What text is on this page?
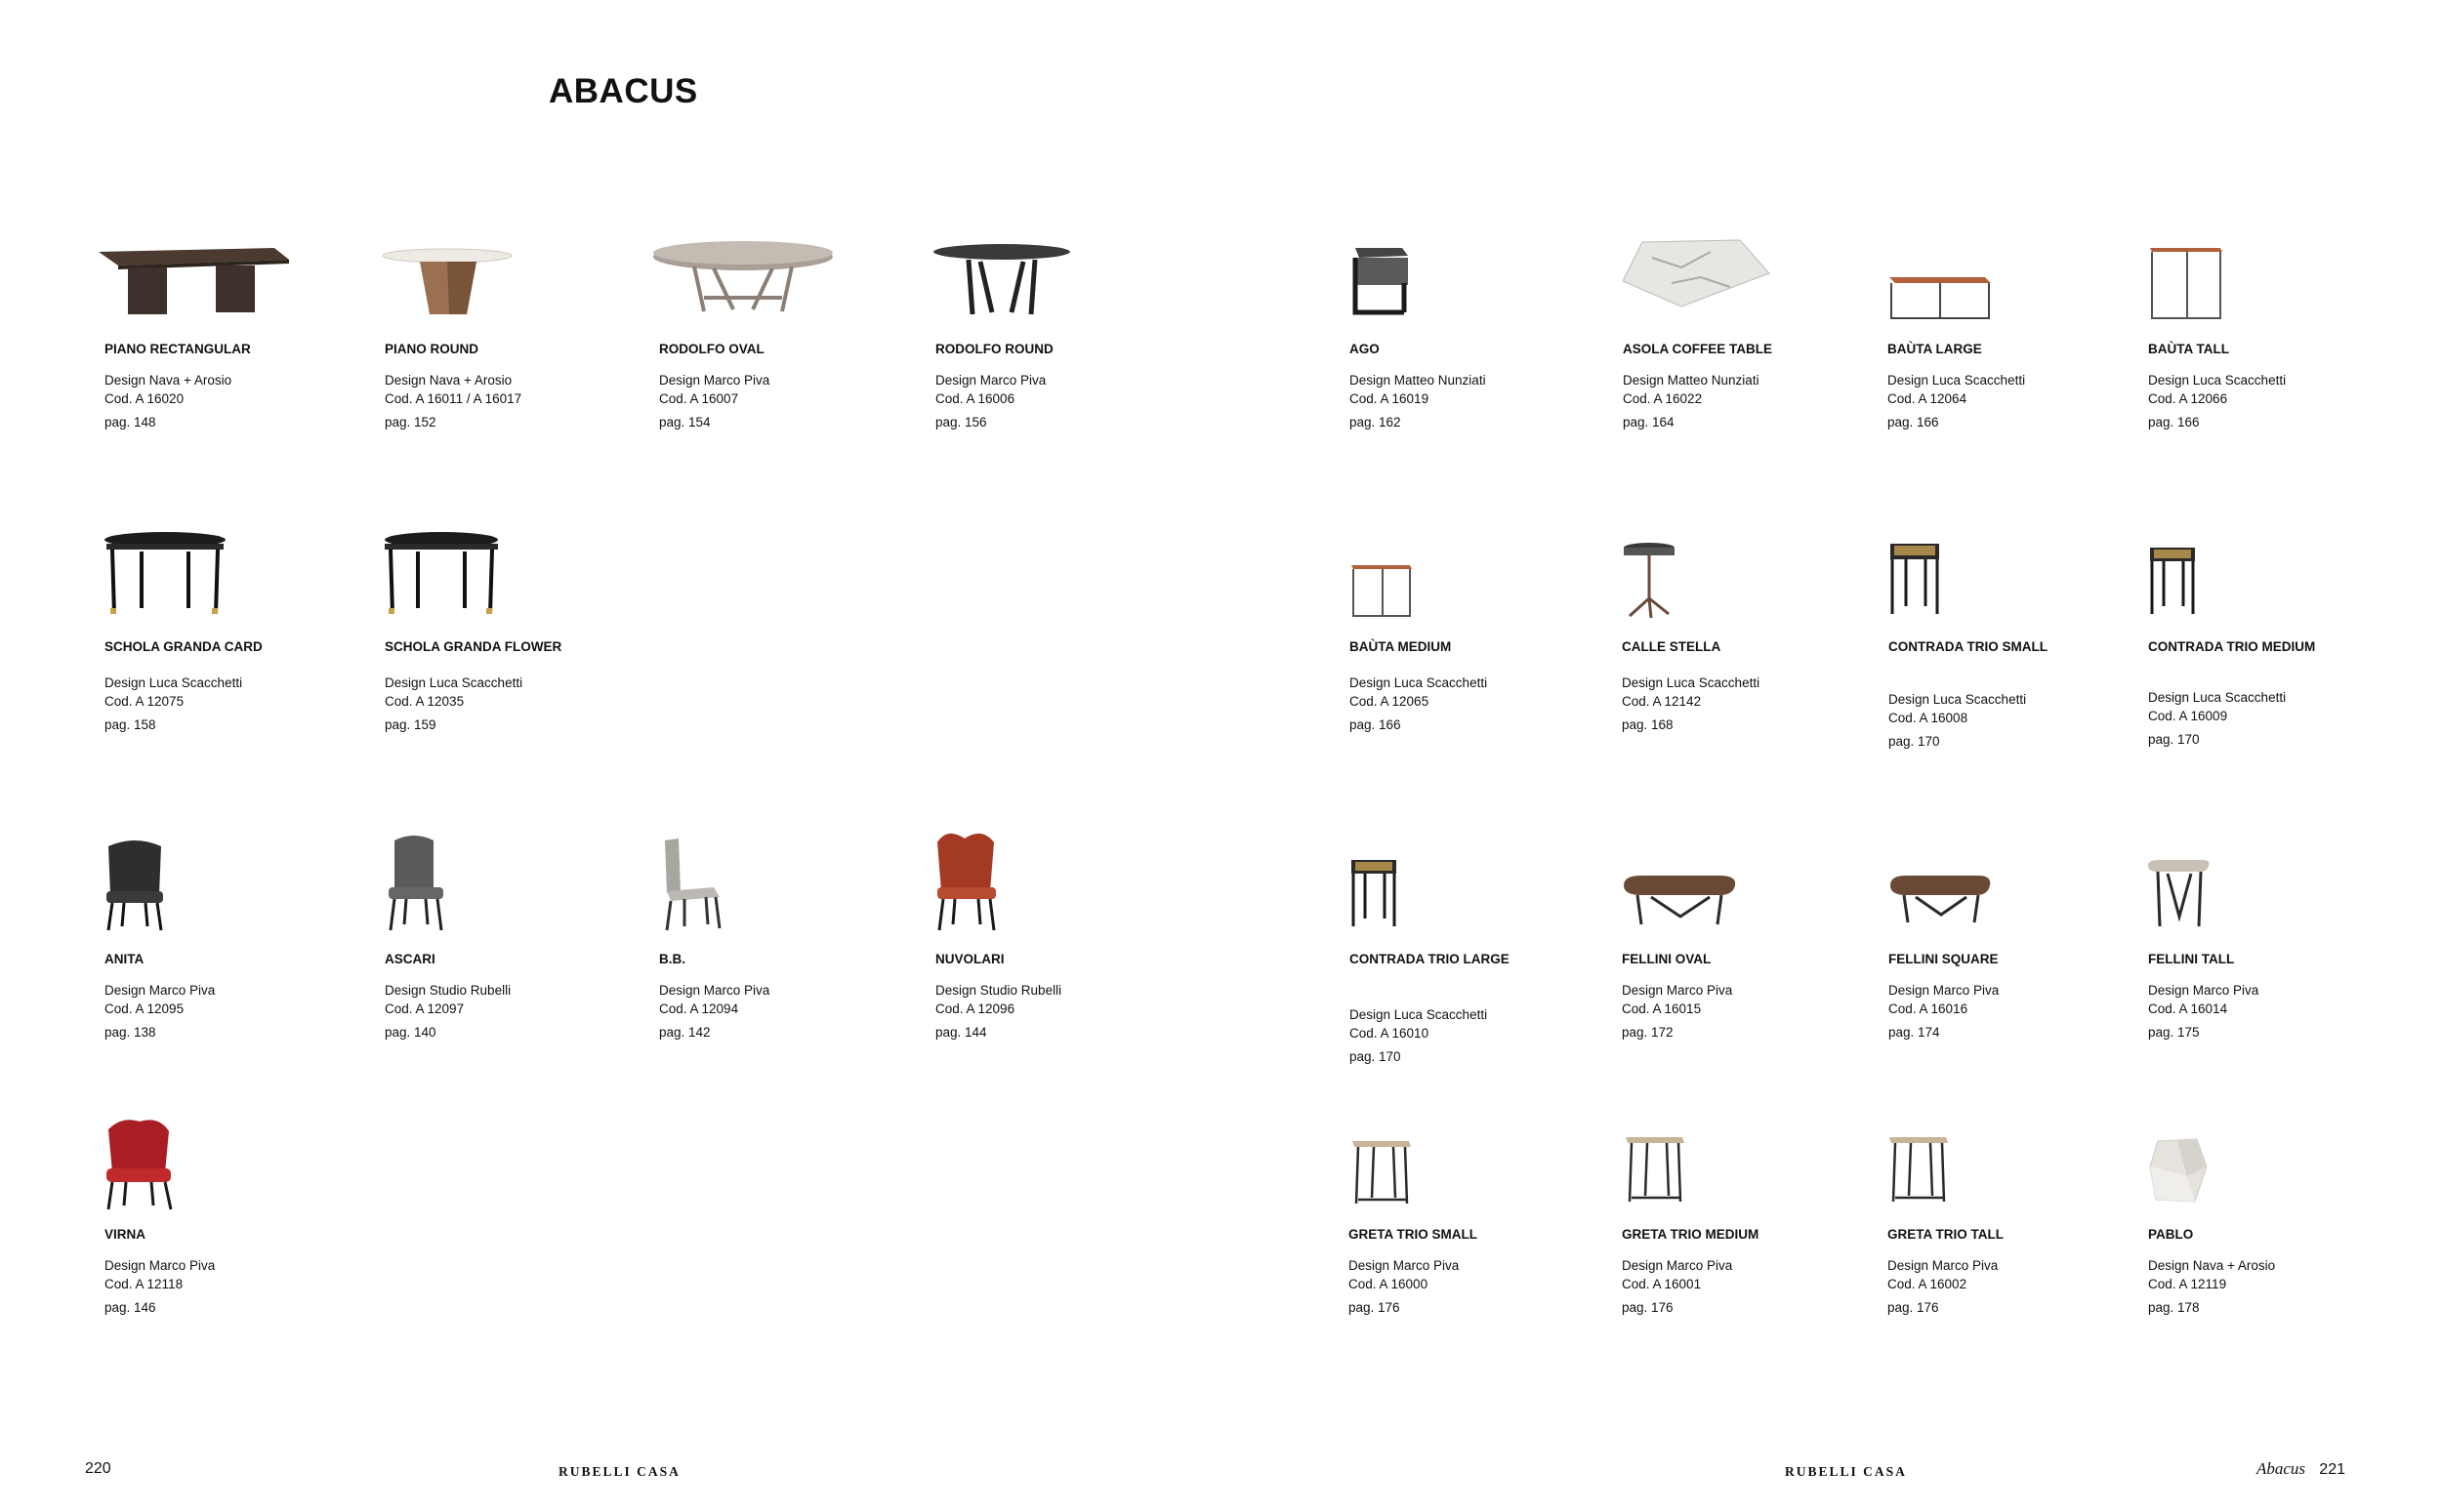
ABACUS
PIANO RECTANGULAR
Design Nava + Arosio
Cod. A 16020
pag. 148
PIANO ROUND
Design Nava + Arosio
Cod. A 16011 / A 16017
pag. 152
RODOLFO OVAL
Design Marco Piva
Cod. A 16007
pag. 154
RODOLFO ROUND
Design Marco Piva
Cod. A 16006
pag. 156
SCHOLA GRANDA CARD
Design Luca Scacchetti
Cod. A 12075
pag. 158
SCHOLA GRANDA FLOWER
Design Luca Scacchetti
Cod. A 12035
pag. 159
ANITA
Design Marco Piva
Cod. A 12095
pag. 138
ASCARI
Design Studio Rubelli
Cod. A 12097
pag. 140
B.B.
Design Marco Piva
Cod. A 12094
pag. 142
NUVOLARI
Design Studio Rubelli
Cod. A 12096
pag. 144
VIRNA
Design Marco Piva
Cod. A 12118
pag. 146
AGO
Design Matteo Nunziati
Cod. A 16019
pag. 162
ASOLA COFFEE TABLE
Design Matteo Nunziati
Cod. A 16022
pag. 164
BAÙTA LARGE
Design Luca Scacchetti
Cod. A 12064
pag. 166
BAÙTA TALL
Design Luca Scacchetti
Cod. A 12066
pag. 166
BAÙTA MEDIUM
Design Luca Scacchetti
Cod. A 12065
pag. 166
CALLE STELLA
Design Luca Scacchetti
Cod. A 12142
pag. 168
CONTRADA TRIO SMALL
Design Luca Scacchetti
Cod. A 16008
pag. 170
CONTRADA TRIO MEDIUM
Design Luca Scacchetti
Cod. A 16009
pag. 170
CONTRADA TRIO LARGE
Design Luca Scacchetti
Cod. A 16010
pag. 170
FELLINI OVAL
Design Marco Piva
Cod. A 16015
pag. 172
FELLINI SQUARE
Design Marco Piva
Cod. A 16016
pag. 174
FELLINI TALL
Design Marco Piva
Cod. A 16014
pag. 175
GRETA TRIO SMALL
Design Marco Piva
Cod. A 16000
pag. 176
GRETA TRIO MEDIUM
Design Marco Piva
Cod. A 16001
pag. 176
GRETA TRIO TALL
Design Marco Piva
Cod. A 16002
pag. 176
PABLO
Design Nava + Arosio
Cod. A 12119
pag. 178
220	RUBELLI CASA	RUBELLI CASA	Abacus 221
